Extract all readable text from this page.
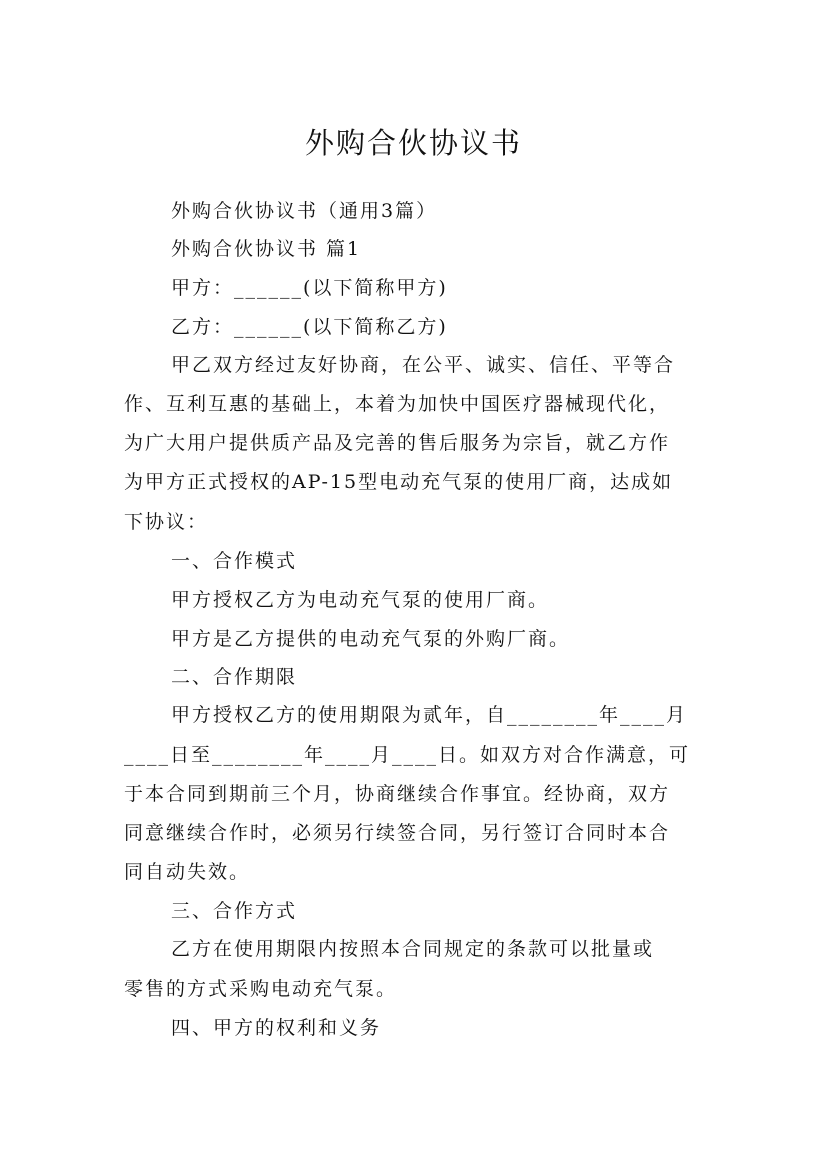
外购合伙协议书
外购合伙协议书（通用3篇）
外购合伙协议书 篇1
甲方：______(以下简称甲方)
乙方：______(以下简称乙方)
甲乙双方经过友好协商，在公平、诚实、信任、平等合
作、互利互惠的基础上，本着为加快中国医疗器械现代化，
为广大用户提供质产品及完善的售后服务为宗旨，就乙方作
为甲方正式授权的AP-15型电动充气泵的使用厂商，达成如
下协议：
一、合作模式
甲方授权乙方为电动充气泵的使用厂商。
甲方是乙方提供的电动充气泵的外购厂商。
二、合作期限
甲方授权乙方的使用期限为贰年，自________年____月
____日至________年____月____日。如双方对合作满意，可
于本合同到期前三个月，协商继续合作事宜。经协商，双方
同意继续合作时，必须另行续签合同，另行签订合同时本合
同自动失效。
三、合作方式
乙方在使用期限内按照本合同规定的条款可以批量或
零售的方式采购电动充气泵。
四、甲方的权利和义务
